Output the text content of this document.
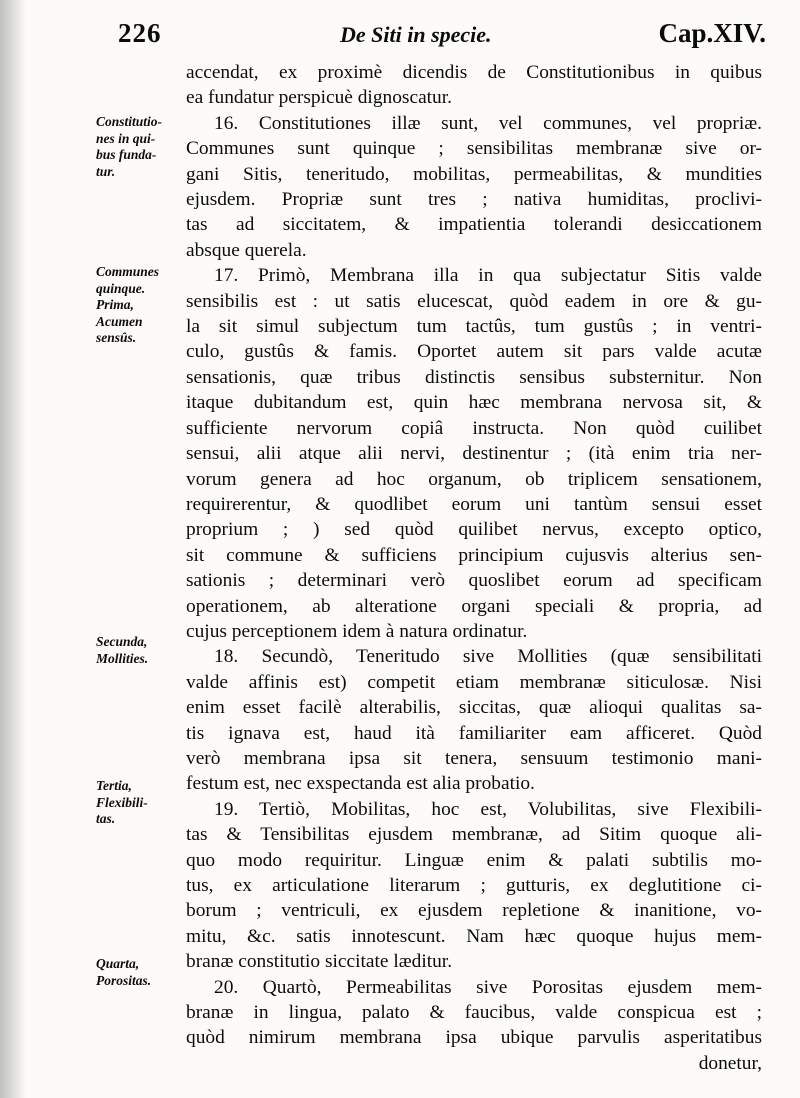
226	De Siti in specie.	Cap.XIV.
Constitutio-
nes in qui-
bus funda-
tur.
Communes
quinque.
Prima,
Acumen
sensûs.
Secunda,
Mollities.
Tertia,
Flexibili-
tas.
Quarta,
Porositas.
accendat, ex proximè dicendis de Constitutionibus in quibus
ea fundatur perspicuè dignoscatur.
16. Constitutiones illæ sunt, vel communes, vel propriæ.
Communes sunt quinque ; sensibilitas membranæ sive or-
gani Sitis, teneritudo, mobilitas, permeabilitas, & mundities
ejusdem. Propriæ sunt tres ; nativa humiditas, proclivi-
tas ad siccitatem, & impatientia tolerandi desiccationem
absque querela.
17. Primò, Membrana illa in qua subjectatur Sitis valde
sensibilis est : ut satis elucescat, quòd eadem in ore & gu-
la sit simul subjectum tum tactûs, tum gustûs ; in ventri-
culo, gustûs & famis. Oportet autem sit pars valde acutæ
sensationis, quæ tribus distinctis sensibus substernitur. Non
itaque dubitandum est, quin hæc membrana nervosa sit, &
sufficiente nervorum copiâ instructa. Non quòd cuilibet
sensui, alii atque alii nervi, destinentur ; (ità enim tria ner-
vorum genera ad hoc organum, ob triplicem sensationem,
requirerentur, & quodlibet eorum uni tantùm sensui esset
proprium ; ) sed quòd quilibet nervus, excepto optico,
sit commune & sufficiens principium cujusvis alterius sen-
sationis ; determinari verò quoslibet eorum ad specificam
operationem, ab alteratione organi speciali & propria, ad
cujus perceptionem idem à natura ordinatur.
18. Secundò, Teneritudo sive Mollities (quæ sensibilitati
valde affinis est) competit etiam membranæ siticulosæ. Nisi
enim esset facilè alterabilis, siccitas, quæ alioqui qualitas sa-
tis ignava est, haud ità familiariter eam afficeret. Quòd
verò membrana ipsa sit tenera, sensuum testimonio mani-
festum est, nec exspectanda est alia probatio.
19. Tertiò, Mobilitas, hoc est, Volubilitas, sive Flexibili-
tas & Tensibilitas ejusdem membranæ, ad Sitim quoque ali-
quo modo requiritur. Linguæ enim & palati subtilis mo-
tus, ex articulatione literarum ; gutturis, ex deglutitione ci-
borum ; ventriculi, ex ejusdem repletione & inanitione, vo-
mitu, &c. satis innotescunt. Nam hæc quoque hujus mem-
branæ constitutio siccitate læditur.
20. Quartò, Permeabilitas sive Porositas ejusdem mem-
branæ in lingua, palato & faucibus, valde conspicua est ;
quòd nimirum membrana ipsa ubique parvulis asperitatibus
donetur,
